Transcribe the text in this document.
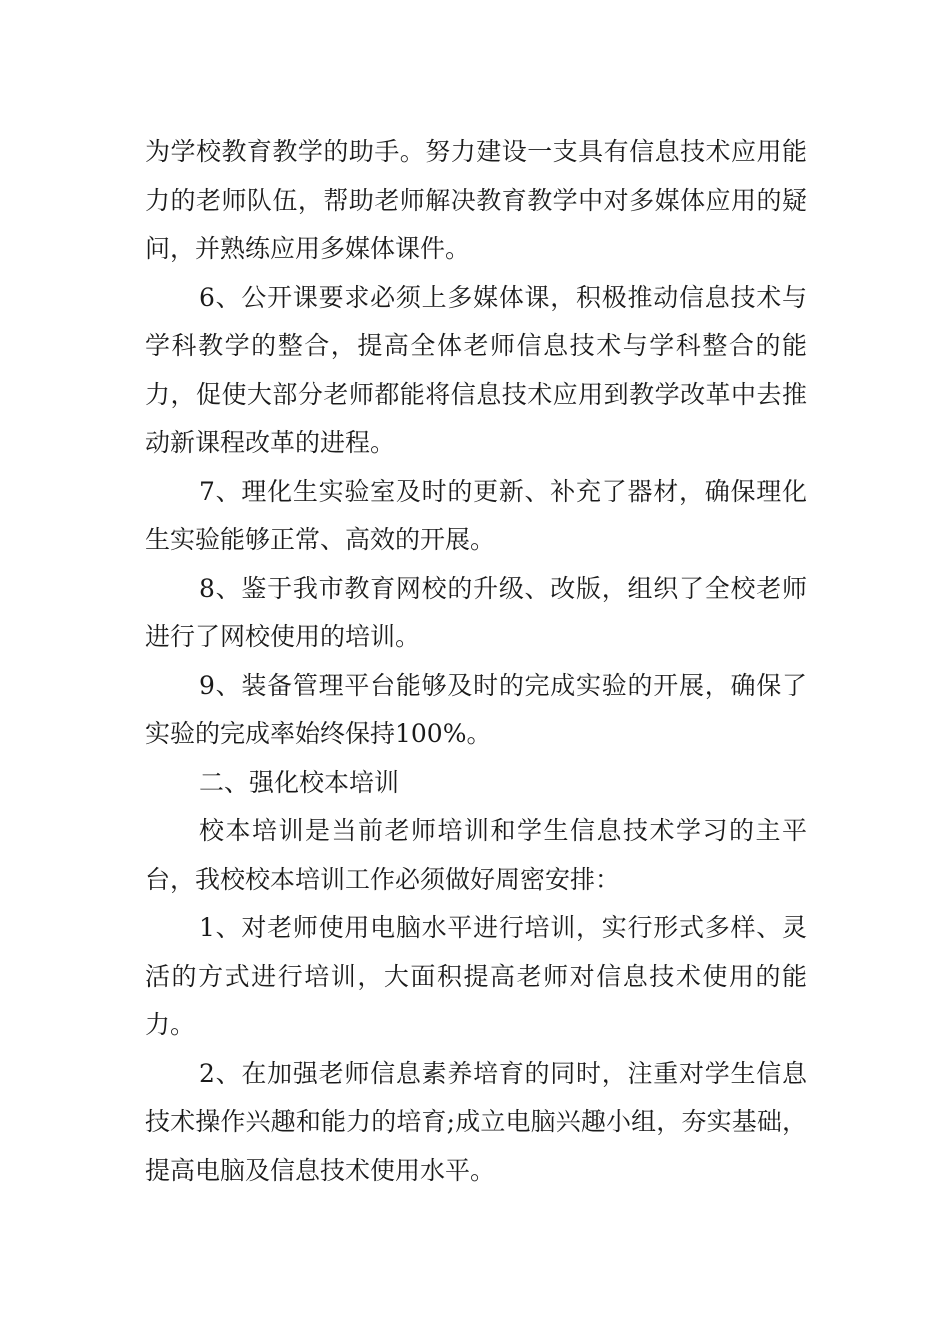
为学校教育教学的助手。努力建设一支具有信息技术应用能力的老师队伍，帮助老师解决教育教学中对多媒体应用的疑问，并熟练应用多媒体课件。

6、公开课要求必须上多媒体课，积极推动信息技术与学科教学的整合，提高全体老师信息技术与学科整合的能力，促使大部分老师都能将信息技术应用到教学改革中去推动新课程改革的进程。

7、理化生实验室及时的更新、补充了器材，确保理化生实验能够正常、高效的开展。

8、鉴于我市教育网校的升级、改版，组织了全校老师进行了网校使用的培训。

9、装备管理平台能够及时的完成实验的开展，确保了实验的完成率始终保持100%。

二、强化校本培训

校本培训是当前老师培训和学生信息技术学习的主平台，我校校本培训工作必须做好周密安排：

1、对老师使用电脑水平进行培训，实行形式多样、灵活的方式进行培训，大面积提高老师对信息技术使用的能力。

2、在加强老师信息素养培育的同时，注重对学生信息技术操作兴趣和能力的培育;成立电脑兴趣小组，夯实基础，提高电脑及信息技术使用水平。
